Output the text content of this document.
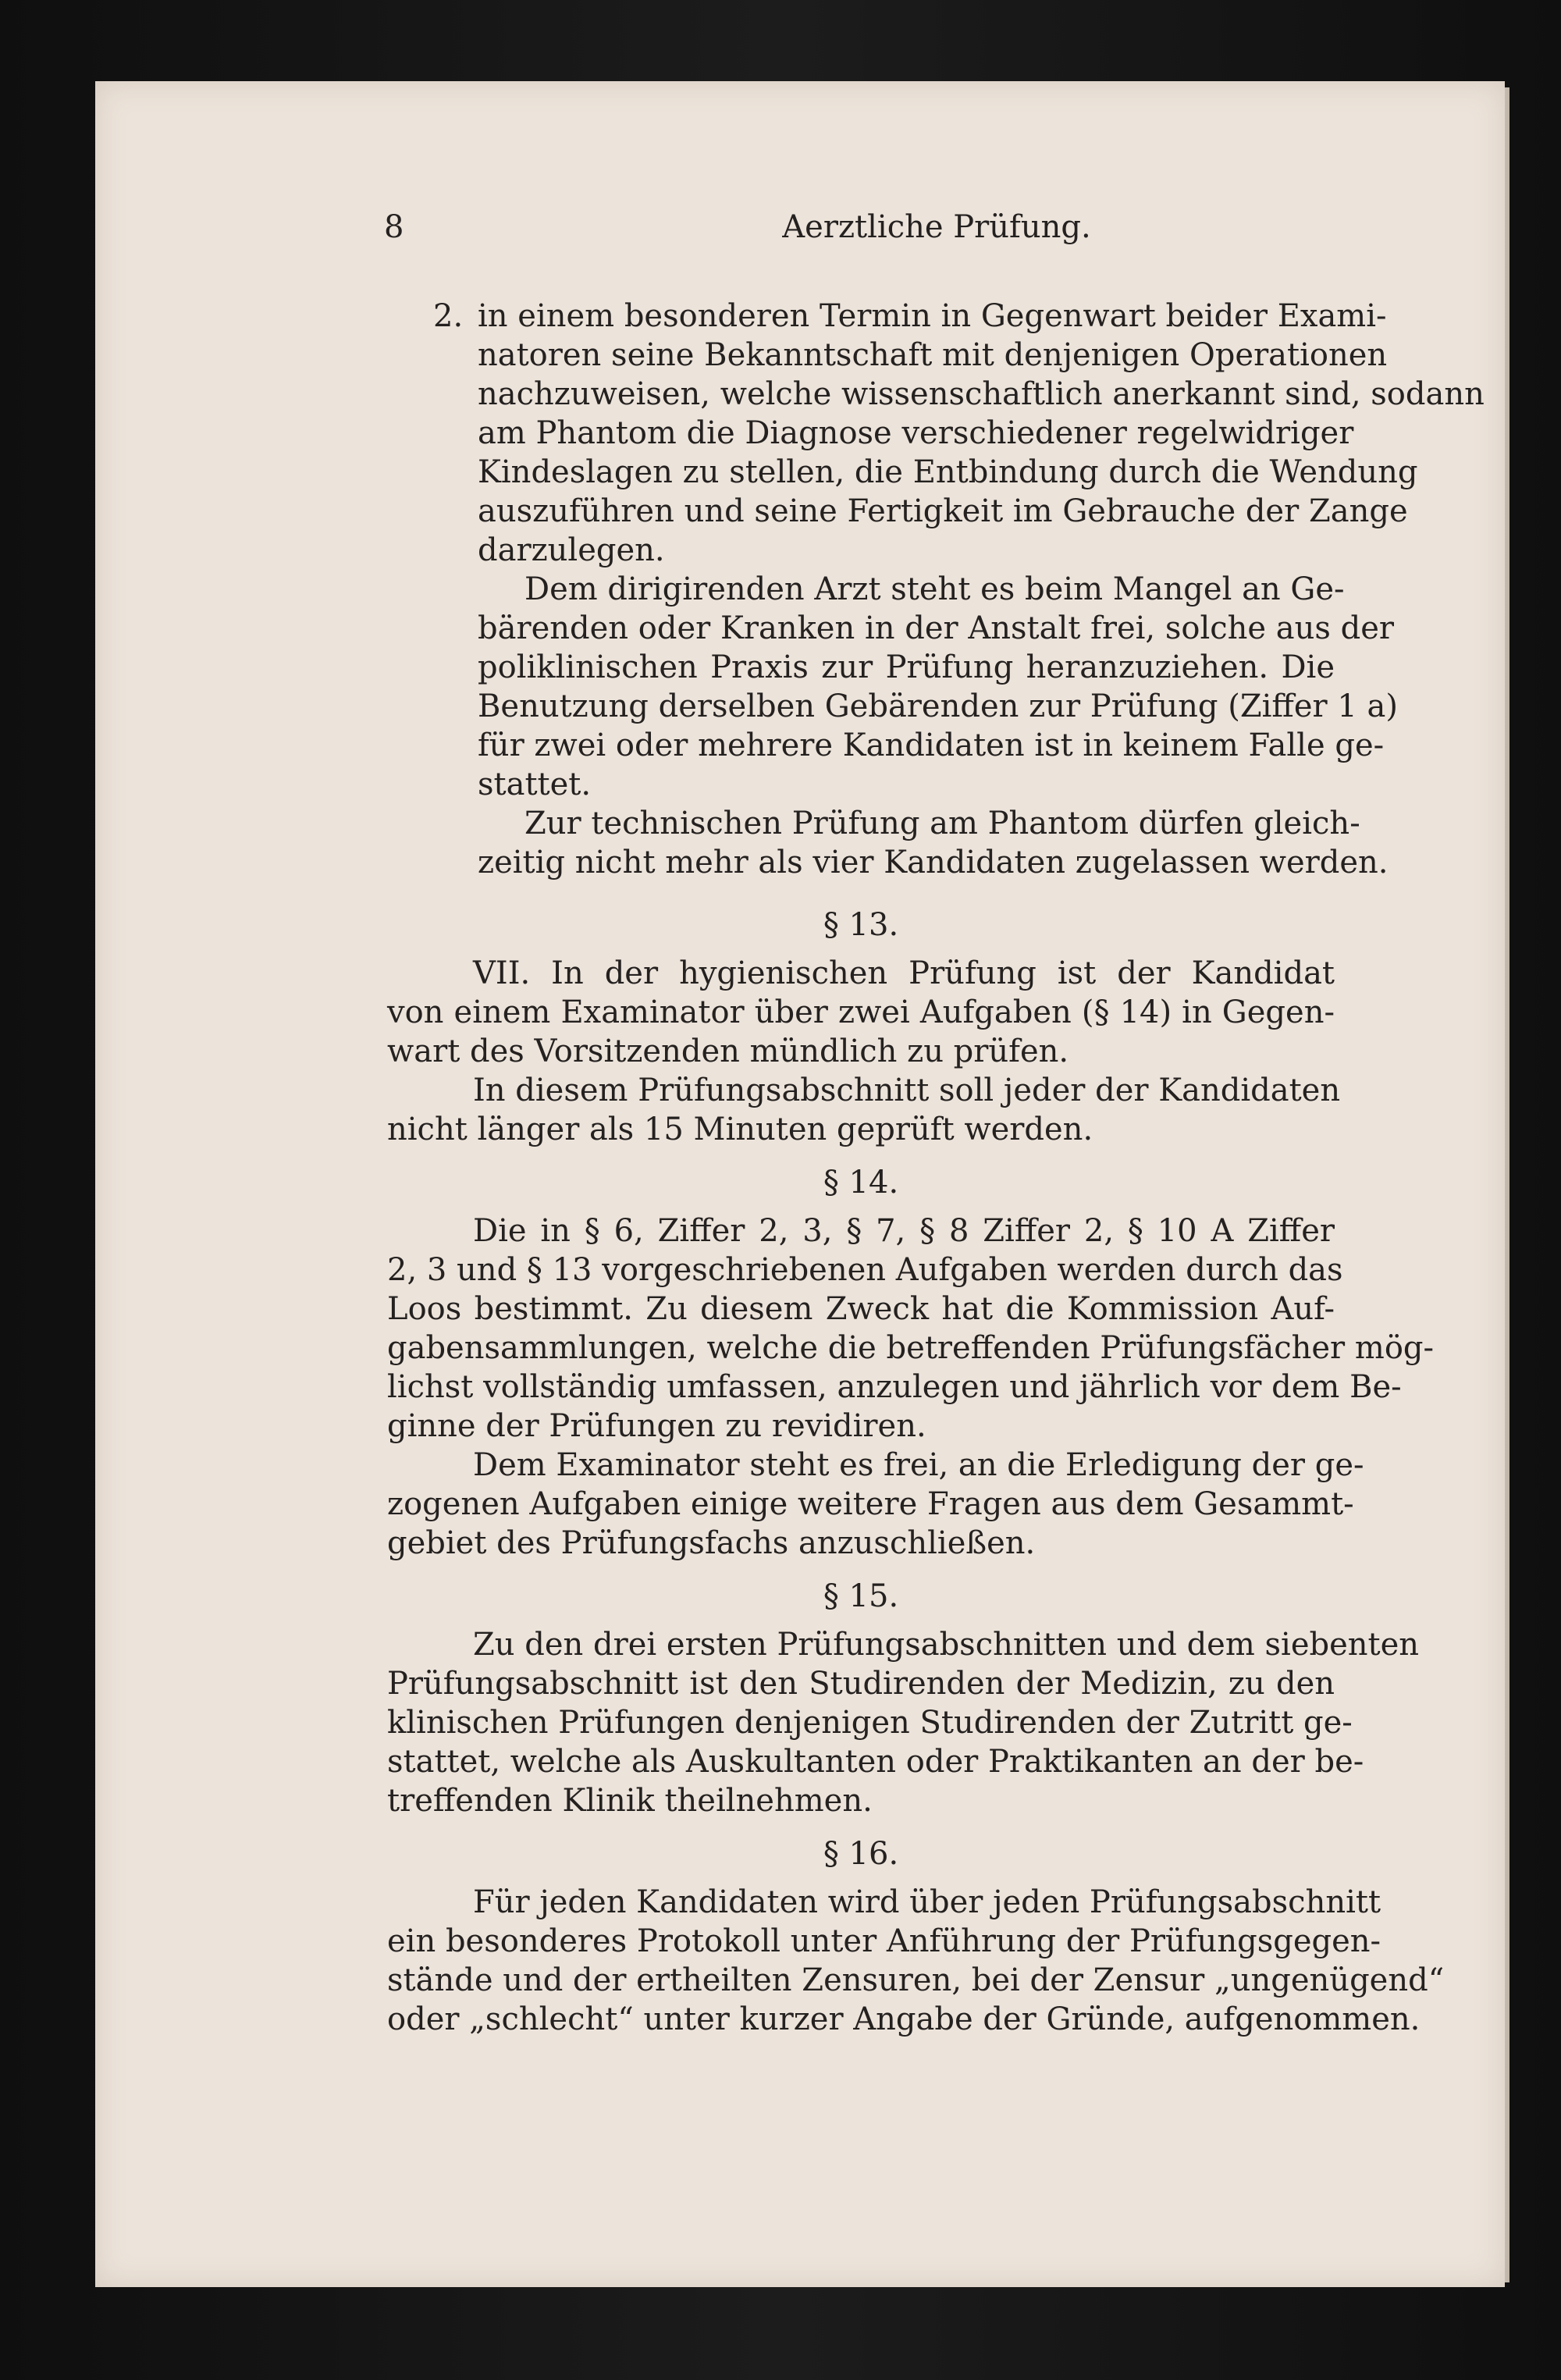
8	Aerztliche Prüfung.
2. in einem besonderen Termin in Gegenwart beider Exami-
natoren seine Bekanntschaft mit denjenigen Operationen
nachzuweisen, welche wissenschaftlich anerkannt sind, sodann
am Phantom die Diagnose verschiedener regelwidriger
Kindeslagen zu stellen, die Entbindung durch die Wendung
auszuführen und seine Fertigkeit im Gebrauche der Zange
darzulegen.
Dem dirigirenden Arzt steht es beim Mangel an Ge-
bärenden oder Kranken in der Anstalt frei, solche aus der
poliklinischen Praxis zur Prüfung heranzuziehen. Die
Benutzung derselben Gebärenden zur Prüfung (Ziffer 1 a)
für zwei oder mehrere Kandidaten ist in keinem Falle ge-
stattet.
Zur technischen Prüfung am Phantom dürfen gleich-
zeitig nicht mehr als vier Kandidaten zugelassen werden.
§ 13.
VII. In der hygienischen Prüfung ist der Kandidat
von einem Examinator über zwei Aufgaben (§ 14) in Gegen-
wart des Vorsitzenden mündlich zu prüfen.
In diesem Prüfungsabschnitt soll jeder der Kandidaten
nicht länger als 15 Minuten geprüft werden.
§ 14.
Die in § 6, Ziffer 2, 3, § 7, § 8 Ziffer 2, § 10 A Ziffer
2, 3 und § 13 vorgeschriebenen Aufgaben werden durch das
Loos bestimmt. Zu diesem Zweck hat die Kommission Auf-
gabensammlungen, welche die betreffenden Prüfungsfächer mög-
lichst vollständig umfassen, anzulegen und jährlich vor dem Be-
ginne der Prüfungen zu revidiren.
Dem Examinator steht es frei, an die Erledigung der ge-
zogenen Aufgaben einige weitere Fragen aus dem Gesammt-
gebiet des Prüfungsfachs anzuschließen.
§ 15.
Zu den drei ersten Prüfungsabschnitten und dem siebenten
Prüfungsabschnitt ist den Studirenden der Medizin, zu den
klinischen Prüfungen denjenigen Studirenden der Zutritt ge-
stattet, welche als Auskultanten oder Praktikanten an der be-
treffenden Klinik theilnehmen.
§ 16.
Für jeden Kandidaten wird über jeden Prüfungsabschnitt
ein besonderes Protokoll unter Anführung der Prüfungsgegen-
stände und der ertheilten Zensuren, bei der Zensur „ungenügend“
oder „schlecht“ unter kurzer Angabe der Gründe, aufgenommen.
